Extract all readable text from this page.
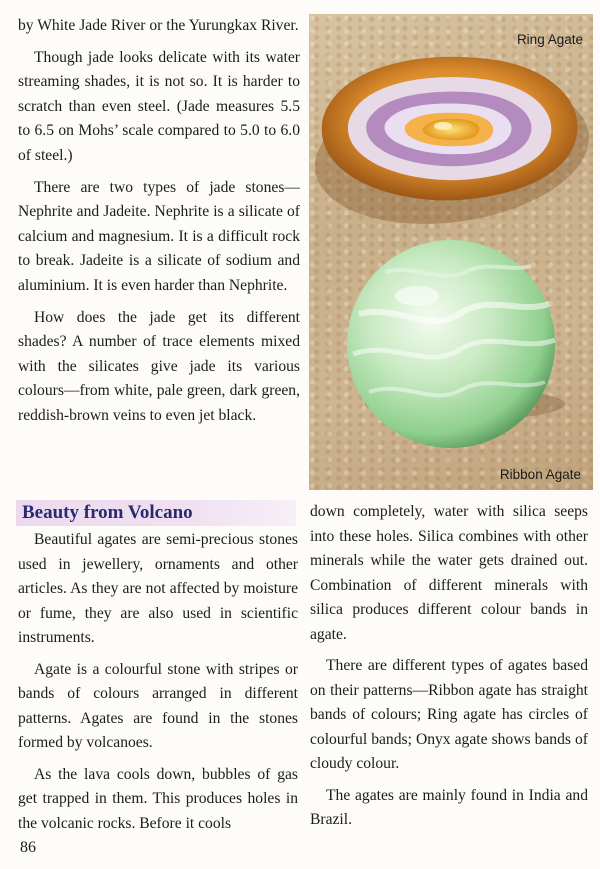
by White Jade River or the Yurungkax River.

Though jade looks delicate with its water streaming shades, it is not so. It is harder to scratch than even steel. (Jade measures 5.5 to 6.5 on Mohs’ scale compared to 5.0 to 6.0 of steel.)

There are two types of jade stones—Nephrite and Jadeite. Nephrite is a silicate of calcium and magnesium. It is a difficult rock to break. Jadeite is a silicate of sodium and aluminium. It is even harder than Nephrite.

How does the jade get its different shades? A number of trace elements mixed with the silicates give jade its various colours—from white, pale green, dark green, reddish-brown veins to even jet black.

Ring Agate
Ribbon Agate
Beauty from Volcano

Beautiful agates are semi-precious stones used in jewellery, ornaments and other articles. As they are not affected by moisture or fume, they are also used in scientific instruments.

Agate is a colourful stone with stripes or bands of colours arranged in different patterns. Agates are found in the stones formed by volcanoes.

As the lava cools down, bubbles of gas get trapped in them. This produces holes in the volcanic rocks. Before it cools

down completely, water with silica seeps into these holes. Silica combines with other minerals while the water gets drained out. Combination of different minerals with silica produces different colour bands in agate.

There are different types of agates based on their patterns—Ribbon agate has straight bands of colours; Ring agate has circles of colourful bands; Onyx agate shows bands of cloudy colour.

The agates are mainly found in India and Brazil.

86
